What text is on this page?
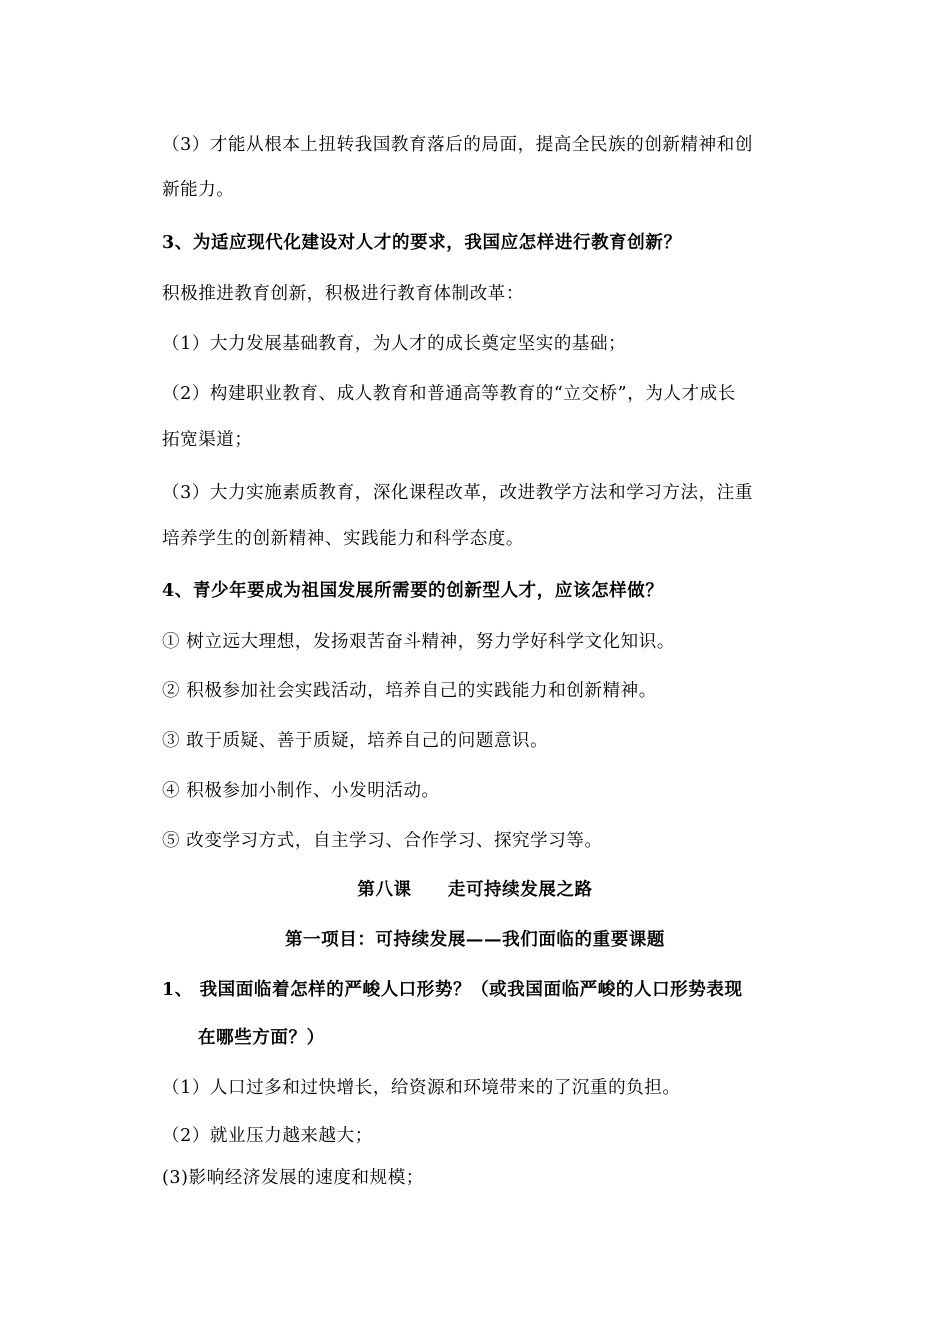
（3）才能从根本上扭转我国教育落后的局面，提高全民族的创新精神和创
新能力。
3、为适应现代化建设对人才的要求，我国应怎样进行教育创新？
积极推进教育创新，积极进行教育体制改革：
（1）大力发展基础教育，为人才的成长奠定坚实的基础；
（2）构建职业教育、成人教育和普通高等教育的“立交桥”，为人才成长
拓宽渠道；
（3）大力实施素质教育，深化课程改革，改进教学方法和学习方法，注重
培养学生的创新精神、实践能力和科学态度。
4、青少年要成为祖国发展所需要的创新型人才，应该怎样做？
① 树立远大理想，发扬艰苦奋斗精神，努力学好科学文化知识。
② 积极参加社会实践活动，培养自己的实践能力和创新精神。
③ 敢于质疑、善于质疑，培养自己的问题意识。
④ 积极参加小制作、小发明活动。
⑤ 改变学习方式，自主学习、合作学习、探究学习等。
第八课　　走可持续发展之路
第一项目：可持续发展——我们面临的重要课题
1、 我国面临着怎样的严峻人口形势？（或我国面临严峻的人口形势表现
在哪些方面？）
（1）人口过多和过快增长，给资源和环境带来的了沉重的负担。
（2）就业压力越来越大；
(3)影响经济发展的速度和规模；
